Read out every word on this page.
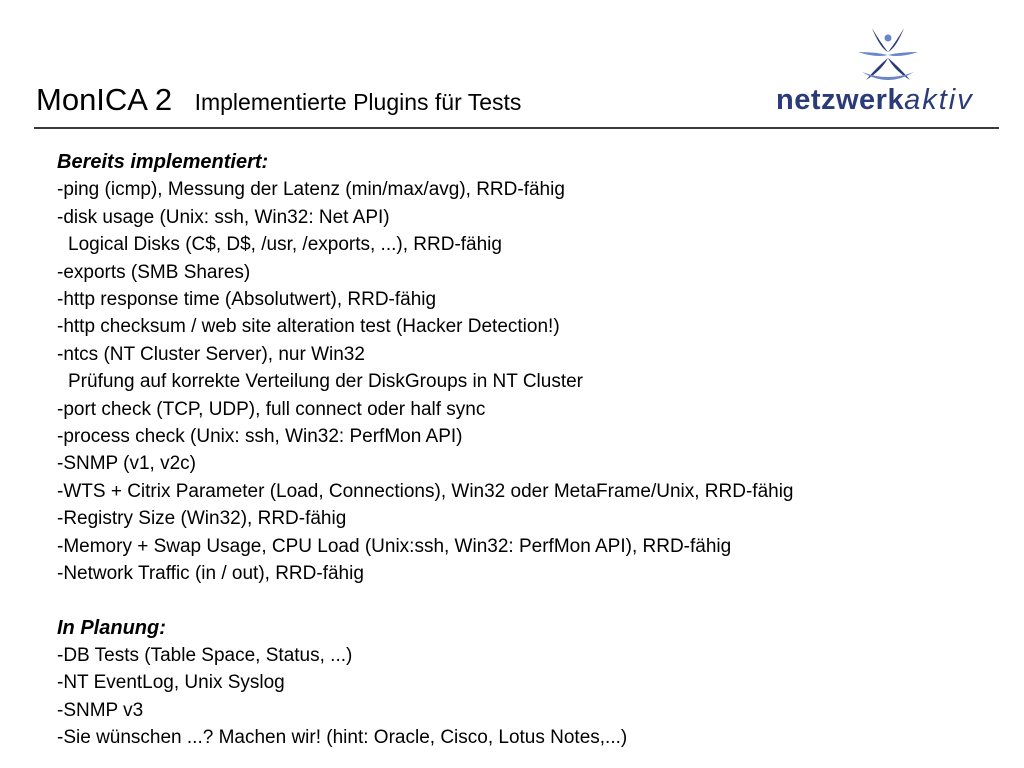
MonICA 2 Implementierte Plugins für Tests	netzwerkaktiv
Bereits implementiert:
-ping (icmp), Messung der Latenz (min/max/avg), RRD-fähig
-disk usage (Unix: ssh, Win32: Net API)
Logical Disks (C$, D$, /usr, /exports, ...), RRD-fähig
-exports (SMB Shares)
-http response time (Absolutwert), RRD-fähig
-http checksum / web site alteration test (Hacker Detection!)
-ntcs (NT Cluster Server), nur Win32
Prüfung auf korrekte Verteilung der DiskGroups in NT Cluster
-port check (TCP, UDP), full connect oder half sync
-process check (Unix: ssh, Win32: PerfMon API)
-SNMP (v1, v2c)
-WTS + Citrix Parameter (Load, Connections), Win32 oder MetaFrame/Unix, RRD-fähig
-Registry Size (Win32), RRD-fähig
-Memory + Swap Usage, CPU Load (Unix:ssh, Win32: PerfMon API), RRD-fähig
-Network Traffic (in / out), RRD-fähig
In Planung:
-DB Tests (Table Space, Status, ...)
-NT EventLog, Unix Syslog
-SNMP v3
-Sie wünschen ...? Machen wir! (hint: Oracle, Cisco, Lotus Notes,...)
